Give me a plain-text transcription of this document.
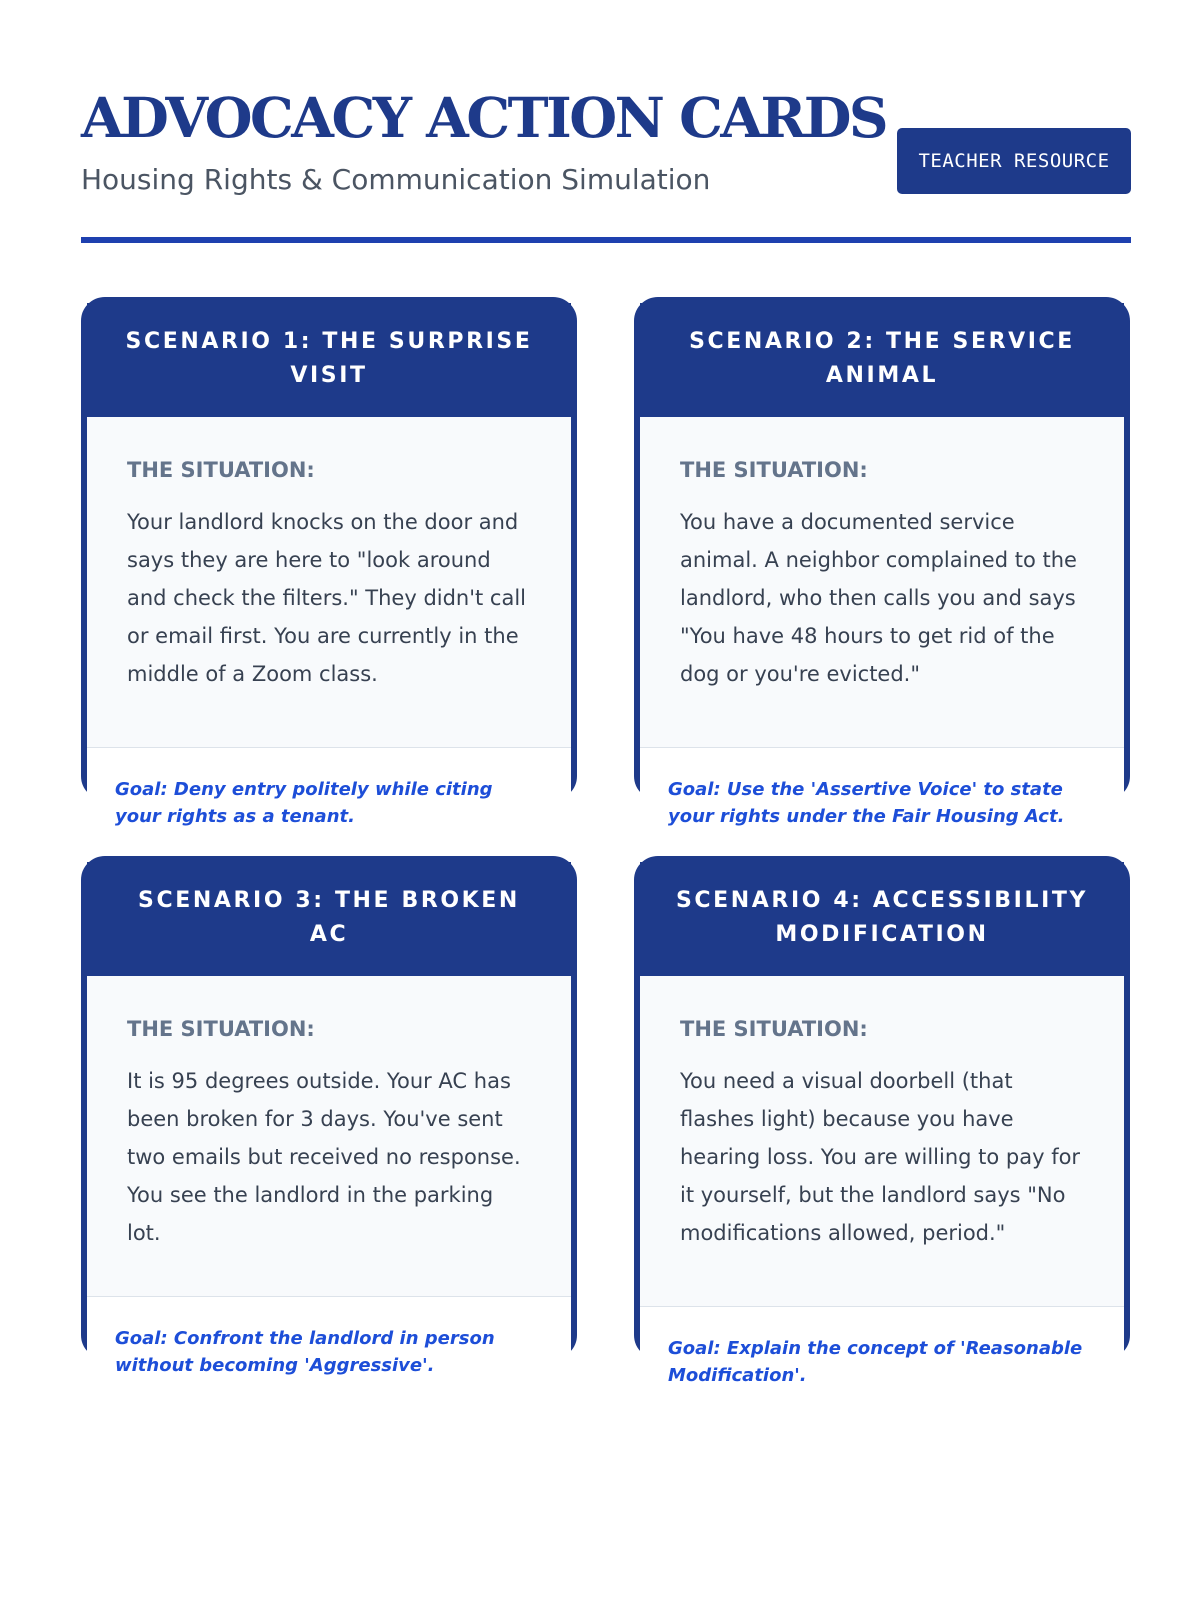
ADVOCACY ACTION CARDS
Housing Rights & Communication Simulation
TEACHER RESOURCE
SCENARIO 1: THE SURPRISE VISIT
THE SITUATION:

Your landlord knocks on the door and says they are here to "look around and check the filters." They didn't call or email first. You are currently in the middle of a Zoom class.

Goal: Deny entry politely while citing your rights as a tenant.
SCENARIO 2: THE SERVICE ANIMAL
THE SITUATION:

You have a documented service animal. A neighbor complained to the landlord, who then calls you and says "You have 48 hours to get rid of the dog or you're evicted."

Goal: Use the 'Assertive Voice' to state your rights under the Fair Housing Act.
SCENARIO 3: THE BROKEN AC
THE SITUATION:

It is 95 degrees outside. Your AC has been broken for 3 days. You've sent two emails but received no response. You see the landlord in the parking lot.

Goal: Confront the landlord in person without becoming 'Aggressive'.
SCENARIO 4: ACCESSIBILITY MODIFICATION
THE SITUATION:

You need a visual doorbell (that flashes light) because you have hearing loss. You are willing to pay for it yourself, but the landlord says "No modifications allowed, period."

Goal: Explain the concept of 'Reasonable Modification'.
